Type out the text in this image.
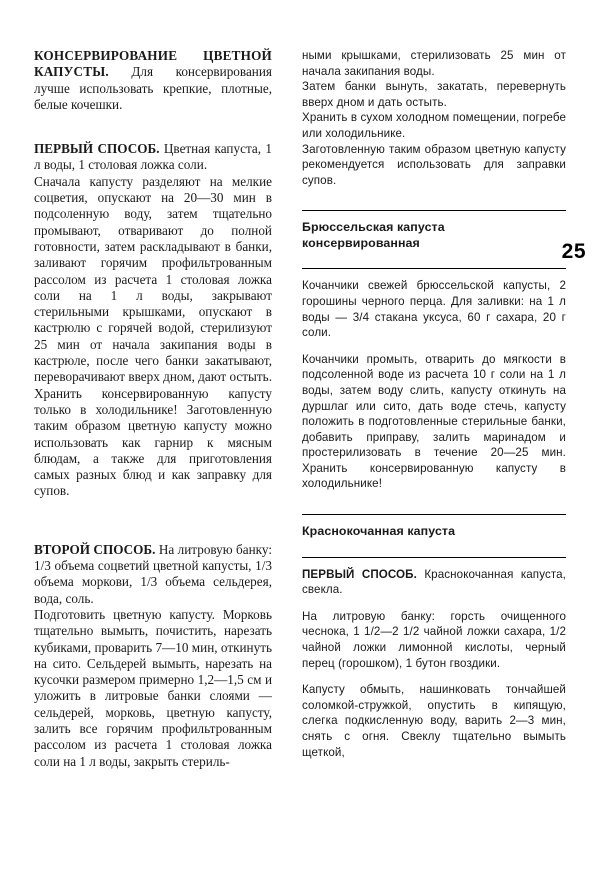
25

КОНСЕРВИРОВАНИЕ ЦВЕТНОЙ КАПУСТЫ. Для консервирования лучше использовать крепкие, плотные, белые кочешки.

ПЕРВЫЙ СПОСОБ. Цветная капуста, 1 л воды, 1 столовая ложка соли.

Сначала капусту разделяют на мелкие соцветия, опускают на 20—30 мин в подсоленную воду, затем тщательно промывают, отваривают до полной готовности, затем раскладывают в банки, заливают горячим профильтрованным рассолом из расчета 1 столовая ложка соли на 1 л воды, закрывают стерильными крышками, опускают в кастрюлю с горячей водой, стерилизуют 25 мин от начала закипания воды в кастрюле, после чего банки закатывают, переворачивают вверх дном, дают остыть. Хранить консервированную капусту только в холодильнике! Заготовленную таким образом цветную капусту можно использовать как гарнир к мясным блюдам, а также для приготовления самых разных блюд и как заправку для супов.

ВТОРОЙ СПОСОБ. На литровую банку: 1/3 объема соцветий цветной капусты, 1/3 объема моркови, 1/3 объема сельдерея, вода, соль.

Подготовить цветную капусту. Морковь тщательно вымыть, почистить, нарезать кубиками, проварить 7—10 мин, откинуть на сито. Сельдерей вымыть, нарезать на кусочки размером примерно 1,2—1,5 см и уложить в литровые банки слоями — сельдерей, морковь, цветную капусту, залить все горячим профильтрованным рассолом из расчета 1 столовая ложка соли на 1 л воды, закрыть стериль-

ными крышками, стерилизовать 25 мин от начала закипания воды.

Затем банки вынуть, закатать, перевернуть вверх дном и дать остыть.

Хранить в сухом холодном помещении, погребе или холодильнике.

Заготовленную таким образом цветную капусту рекомендуется использовать для заправки супов.

Брюссельская капуста консервированная

Кочанчики свежей брюссельской капусты, 2 горошины черного перца. Для заливки: на 1 л воды — 3/4 стакана уксуса, 60 г сахара, 20 г соли.

Кочанчики промыть, отварить до мягкости в подсоленной воде из расчета 10 г соли на 1 л воды, затем воду слить, капусту откинуть на дуршлаг или сито, дать воде стечь, капусту положить в подготовленные стерильные банки, добавить приправу, залить маринадом и простерилизовать в течение 20—25 мин. Хранить консервированную капусту в холодильнике!

Краснокочанная капуста

ПЕРВЫЙ СПОСОБ. Краснокочанная капуста, свекла.

На литровую банку: горсть очищенного чеснока, 1 1/2—2 1/2 чайной ложки сахара, 1/2 чайной ложки лимонной кислоты, черный перец (горошком), 1 бутон гвоздики.

Капусту обмыть, нашинковать тончайшей соломкой-стружкой, опустить в кипящую, слегка подкисленную воду, варить 2—3 мин, снять с огня. Свеклу тщательно вымыть щеткой,
